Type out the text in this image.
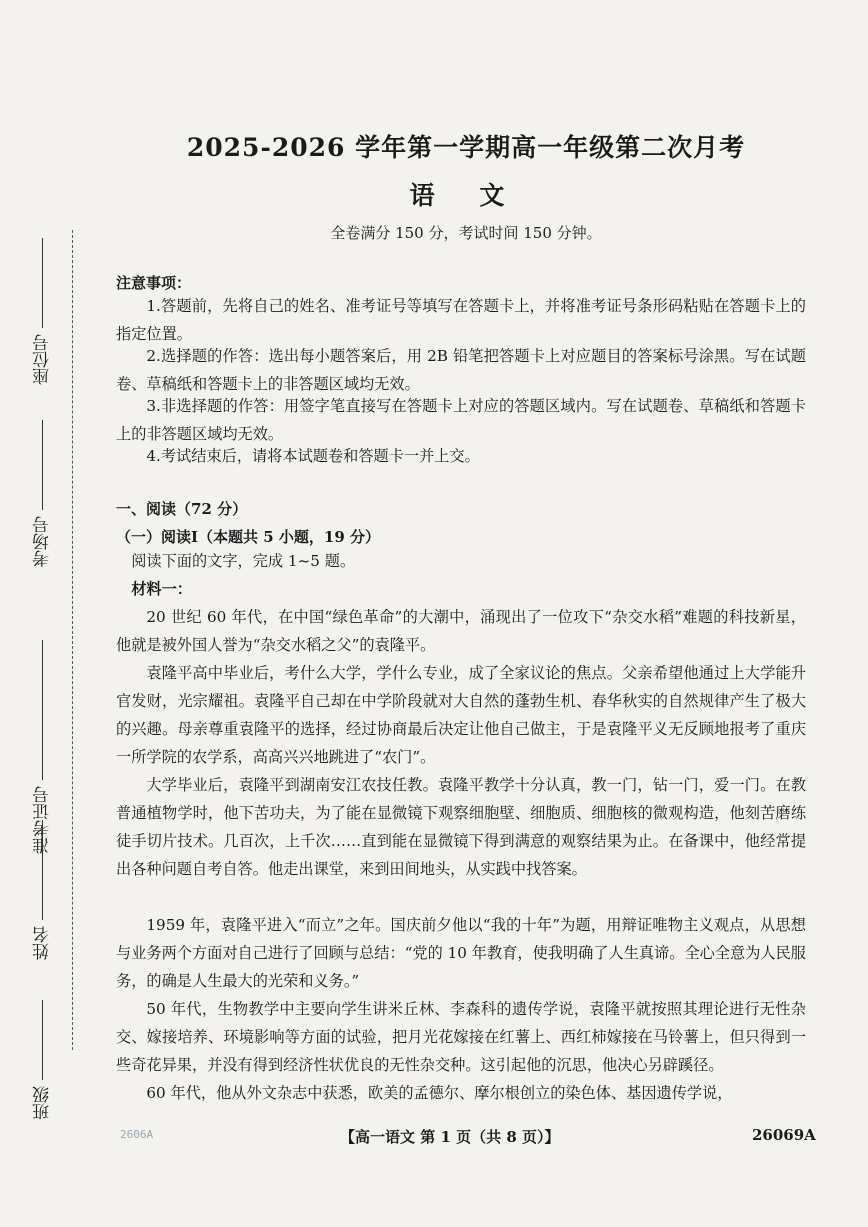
座位号
考场号
准考证号
姓名
班级
2025-2026 学年第一学期高一年级第二次月考
语 文
全卷满分 150 分，考试时间 150 分钟。
注意事项：
1.答题前，先将自己的姓名、准考证号等填写在答题卡上，并将准考证号条形码粘贴在答题卡上的指定位置。
2.选择题的作答：选出每小题答案后，用 2B 铅笔把答题卡上对应题目的答案标号涂黑。写在试题卷、草稿纸和答题卡上的非答题区域均无效。
3.非选择题的作答：用签字笔直接写在答题卡上对应的答题区域内。写在试题卷、草稿纸和答题卡上的非答题区域均无效。
4.考试结束后，请将本试题卷和答题卡一并上交。
一、阅读（72 分）
（一）阅读Ⅰ（本题共 5 小题，19 分）
阅读下面的文字，完成 1~5 题。
材料一：
20 世纪 60 年代，在中国“绿色革命”的大潮中，涌现出了一位攻下“杂交水稻”难题的科技新星，他就是被外国人誉为“杂交水稻之父”的袁隆平。
袁隆平高中毕业后，考什么大学，学什么专业，成了全家议论的焦点。父亲希望他通过上大学能升官发财，光宗耀祖。袁隆平自己却在中学阶段就对大自然的蓬勃生机、春华秋实的自然规律产生了极大的兴趣。母亲尊重袁隆平的选择，经过协商最后决定让他自己做主，于是袁隆平义无反顾地报考了重庆一所学院的农学系，高高兴兴地跳进了“农门”。
大学毕业后，袁隆平到湖南安江农技任教。袁隆平教学十分认真，教一门，钻一门，爱一门。在教普通植物学时，他下苦功夫，为了能在显微镜下观察细胞壁、细胞质、细胞核的微观构造，他刻苦磨练徒手切片技术。几百次，上千次……直到能在显微镜下得到满意的观察结果为止。在备课中，他经常提出各种问题自考自答。他走出课堂，来到田间地头，从实践中找答案。
1959 年，袁隆平进入“而立”之年。国庆前夕他以“我的十年”为题，用辩证唯物主义观点，从思想与业务两个方面对自己进行了回顾与总结：“党的 10 年教育，使我明确了人生真谛。全心全意为人民服务，的确是人生最大的光荣和义务。”
50 年代，生物教学中主要向学生讲米丘林、李森科的遗传学说，袁隆平就按照其理论进行无性杂交、嫁接培养、环境影响等方面的试验，把月光花嫁接在红薯上、西红柿嫁接在马铃薯上，但只得到一些奇花异果，并没有得到经济性状优良的无性杂交种。这引起他的沉思，他决心另辟蹊径。
60 年代，他从外文杂志中获悉，欧美的孟德尔、摩尔根创立的染色体、基因遗传学说，
【高一语文 第 1 页（共 8 页）】	26069A
2606A
